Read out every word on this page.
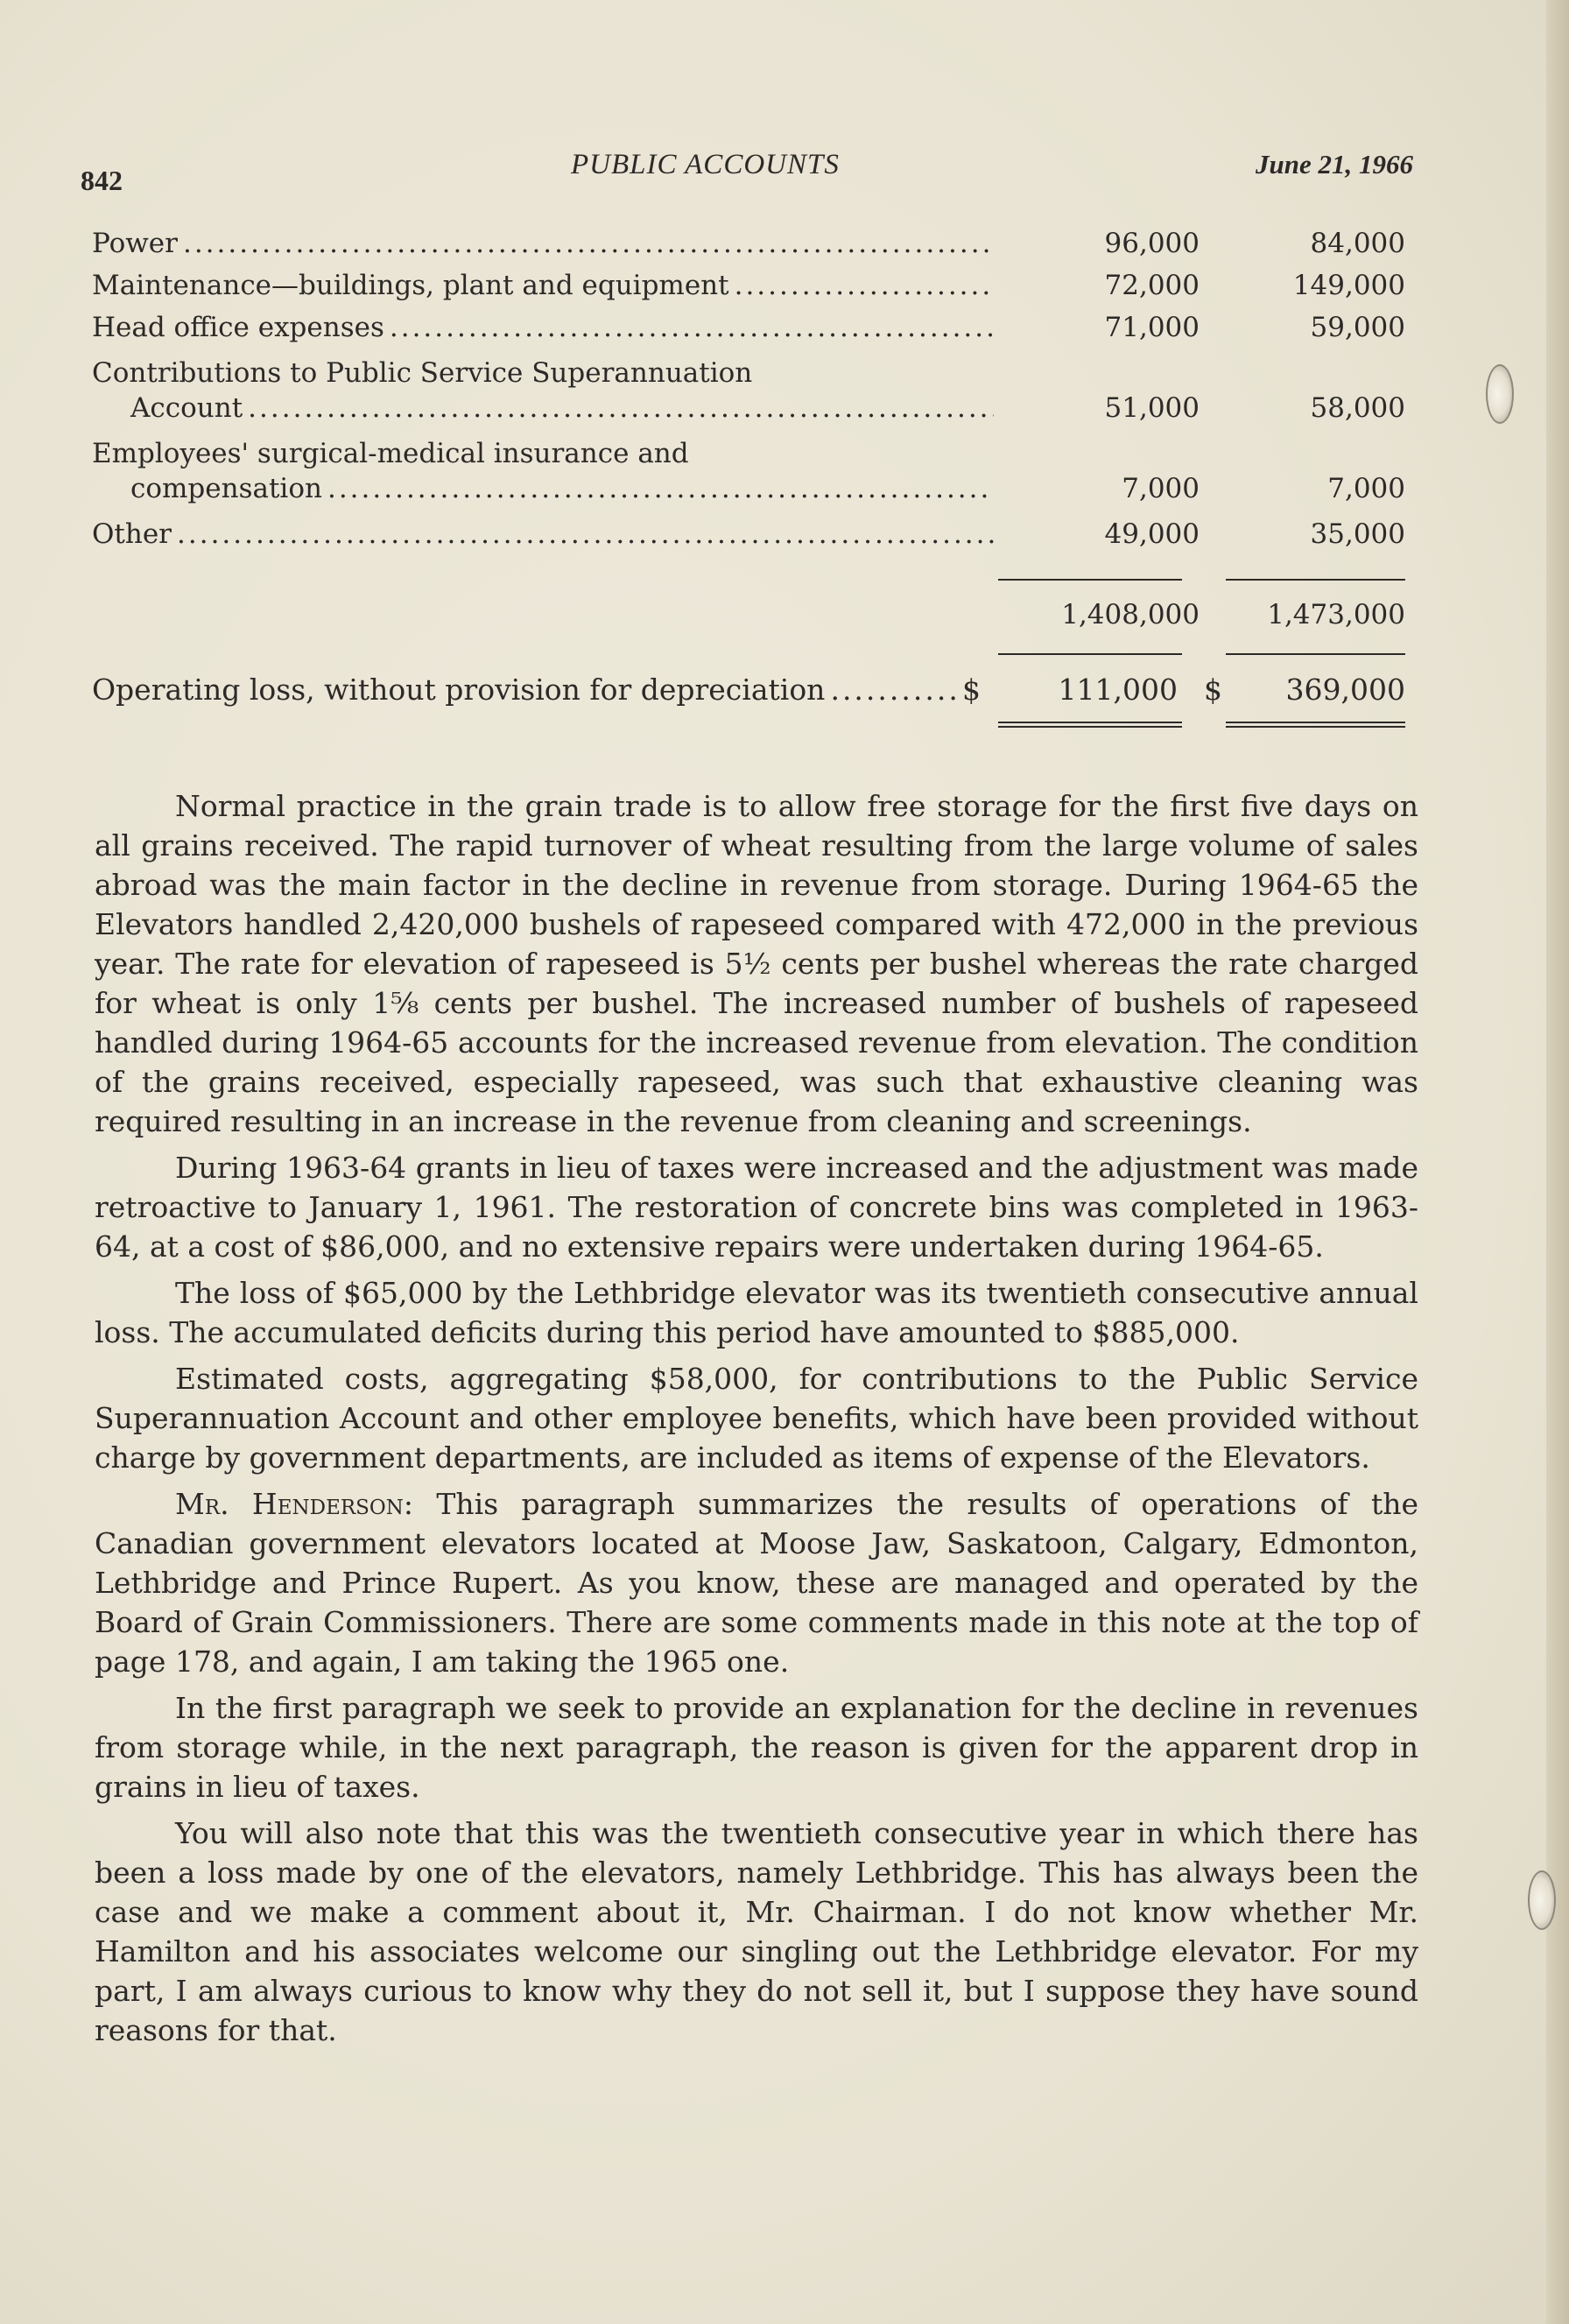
842	PUBLIC ACCOUNTS	June 21, 1966
Power .....	96,000	84,000
Maintenance—buildings, plant and equipment .....	72,000	149,000
Head office expenses .....	71,000	59,000
Contributions to Public Service Superannuation
Account .....	51,000	58,000
Employees' surgical-medical insurance and
compensation .....	7,000	7,000
Other .....	49,000	35,000
1,408,000	1,473,000
Operating loss, without provision for depreciation .....	$	111,000 $ 369,000

Normal practice in the grain trade is to allow free storage for the first five days on all grains received. The rapid turnover of wheat resulting from the large volume of sales abroad was the main factor in the decline in revenue from storage. During 1964-65 the Elevators handled 2,420,000 bushels of rapeseed compared with 472,000 in the previous year. The rate for elevation of rapeseed is 5½ cents per bushel whereas the rate charged for wheat is only 1⅝ cents per bushel. The increased number of bushels of rapeseed handled during 1964-65 accounts for the increased revenue from elevation. The condition of the grains received, especially rapeseed, was such that exhaustive cleaning was required resulting in an increase in the revenue from cleaning and screenings.

During 1963-64 grants in lieu of taxes were increased and the adjustment was made retroactive to January 1, 1961. The restoration of concrete bins was completed in 1963-64, at a cost of $86,000, and no extensive repairs were undertaken during 1964-65.

The loss of $65,000 by the Lethbridge elevator was its twentieth consecutive annual loss. The accumulated deficits during this period have amounted to $885,000.

Estimated costs, aggregating $58,000, for contributions to the Public Service Superannuation Account and other employee benefits, which have been provided without charge by government departments, are included as items of expense of the Elevators.

Mr. Henderson: This paragraph summarizes the results of operations of the Canadian government elevators located at Moose Jaw, Saskatoon, Calgary, Edmonton, Lethbridge and Prince Rupert. As you know, these are managed and operated by the Board of Grain Commissioners. There are some comments made in this note at the top of page 178, and again, I am taking the 1965 one.

In the first paragraph we seek to provide an explanation for the decline in revenues from storage while, in the next paragraph, the reason is given for the apparent drop in grains in lieu of taxes.

You will also note that this was the twentieth consecutive year in which there has been a loss made by one of the elevators, namely Lethbridge. This has always been the case and we make a comment about it, Mr. Chairman. I do not know whether Mr. Hamilton and his associates welcome our singling out the Lethbridge elevator. For my part, I am always curious to know why they do not sell it, but I suppose they have sound reasons for that.
